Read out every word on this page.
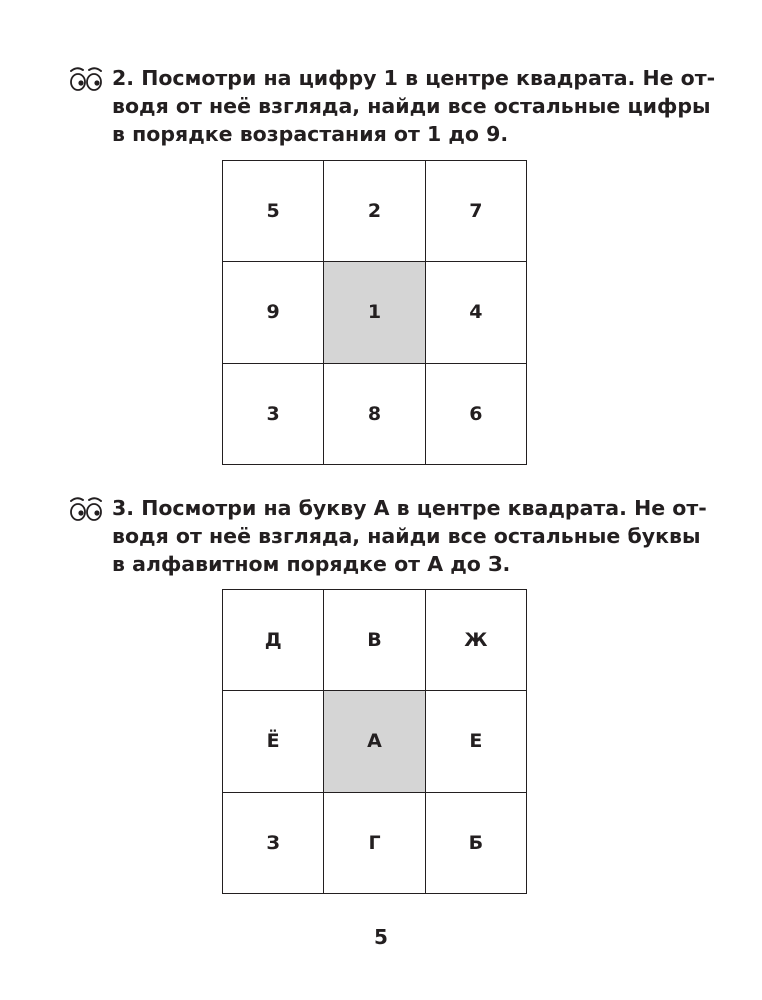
2. Посмотри на цифру 1 в центре квадрата. Не от-
водя от неё взгляда, найди все остальные цифры
в порядке возрастания от 1 до 9.
5	2	7
9	1	4
3	8	6
3. Посмотри на букву А в центре квадрата. Не от-
водя от неё взгляда, найди все остальные буквы
в алфавитном порядке от А до З.
Д	В	Ж
Ё	А	Е
З	Г	Б
5
